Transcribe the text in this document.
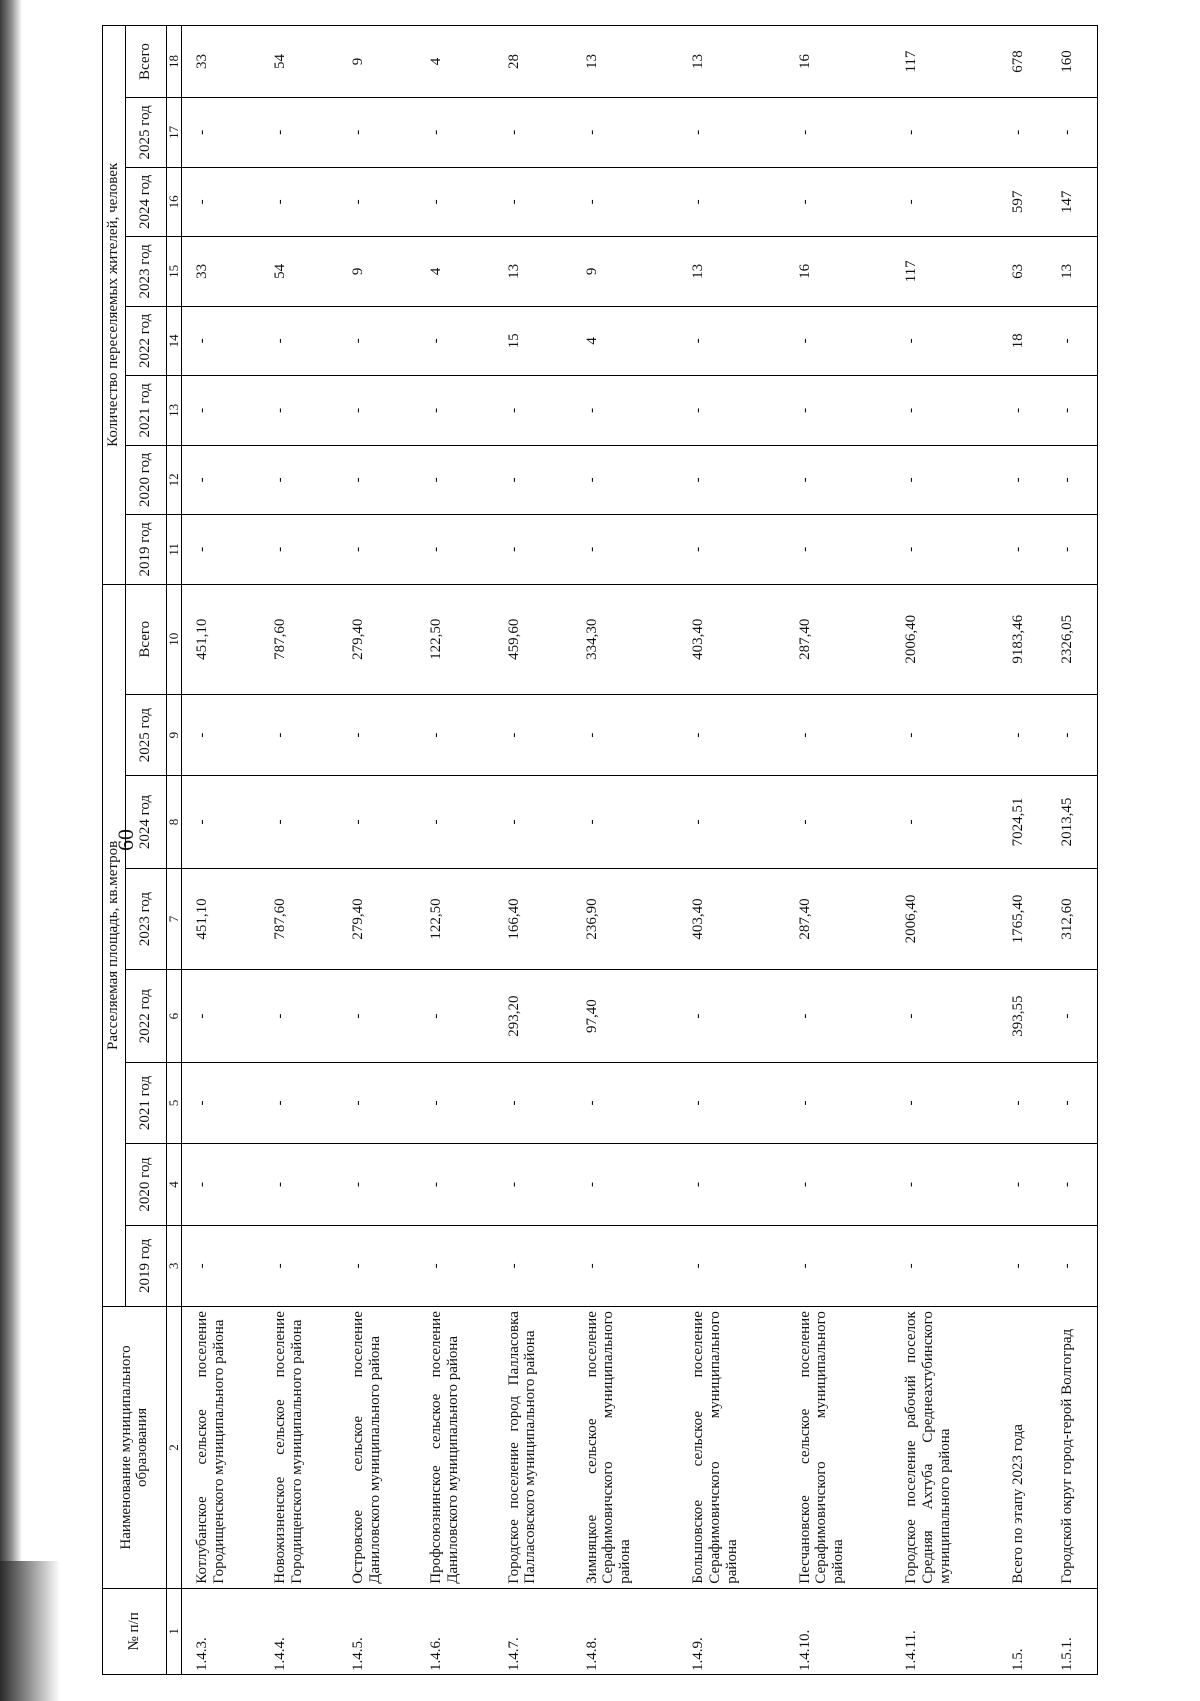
60
№ п/п	Наименование муниципального образования	Расселяемая площадь, кв.метров								Количество переселяемых жителей, человек							
		2019 год	2020 год	2021 год	2022 год	2023 год	2024 год	2025 год	Всего	2019 год	2020 год	2021 год	2022 год	2023 год	2024 год	2025 год	Всего
1	2	3	4	5	6	7	8	9	10	11	12	13	14	15	16	17	18
1.4.3.	Котлубанское сельское поселение Городищенского муниципального района	-	-	-	-	451,10	-	-	451,10	-	-	-	-	33	-	-	33
1.4.4.	Новожизненское сельское поселение Городищенского муниципального района	-	-	-	-	787,60	-	-	787,60	-	-	-	-	54	-	-	54
1.4.5.	Островское сельское поселение Даниловского муниципального района	-	-	-	-	279,40	-	-	279,40	-	-	-	-	9	-	-	9
1.4.6.	Профсоюзнинское сельское поселение Даниловского муниципального района	-	-	-	-	122,50	-	-	122,50	-	-	-	-	4	-	-	4
1.4.7.	Городское поселение город Палласовка Палласовского муниципального района	-	-	-	293,20	166,40	-	-	459,60	-	-	-	15	13	-	-	28
1.4.8.	Зимняцкое сельское поселение Серафимовичского муниципального района	-	-	-	97,40	236,90	-	-	334,30	-	-	-	4	9	-	-	13
1.4.9.	Большовское сельское поселение Серафимовичского муниципального района	-	-	-	-	403,40	-	-	403,40	-	-	-	-	13	-	-	13
1.4.10.	Песчановское сельское поселение Серафимовичского муниципального района	-	-	-	-	287,40	-	-	287,40	-	-	-	-	16	-	-	16
1.4.11.	Городское поселение рабочий поселок Средняя Ахтуба Среднеахтубинского муниципального района	-	-	-	-	2006,40	-	-	2006,40	-	-	-	-	117	-	-	117
1.5.	Всего по этапу 2023 года	-	-	-	393,55	1765,40	7024,51	-	9183,46	-	-	-	18	63	597	-	678
1.5.1.	Городской округ город-герой Волгоград	-	-	-	-	312,60	2013,45	-	2326,05	-	-	-	-	13	147	-	160
